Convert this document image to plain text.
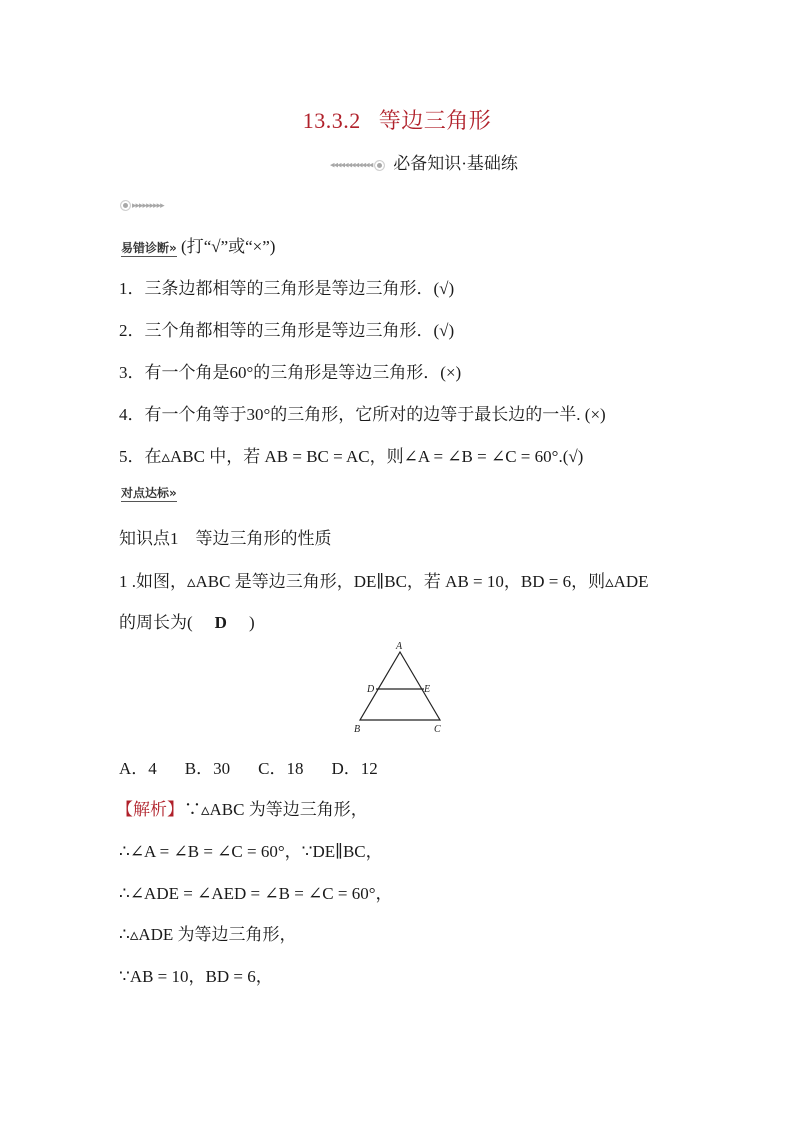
13.3.2 等边三角形
◂◂◂◂◂◂◂◂◂◂◂◂ 必备知识·基础练
▸▸▸▸▸▸▸▸▸
易错诊断» (打“√”或“×”)
1．三条边都相等的三角形是等边三角形．(√)
2．三个角都相等的三角形是等边三角形．(√)
3．有一个角是60°的三角形是等边三角形．(×)
4．有一个角等于30°的三角形，它所对的边等于最长边的一半. (×)
5．在▵ABC 中，若 AB = BC = AC，则∠A = ∠B = ∠C = 60°.(√)
对点达标»
知识点1　等边三角形的性质
1 .如图，▵ABC 是等边三角形，DE∥BC，若 AB = 10，BD = 6，则▵ADE
的周长为( D )
A
D	E
B	C
A．4 B．30 C．18 D．12
【解析】∵▵ABC 为等边三角形，
∴∠A = ∠B = ∠C = 60°，∵DE∥BC，
∴∠ADE = ∠AED = ∠B = ∠C = 60°，
∴▵ADE 为等边三角形，
∵AB = 10，BD = 6，
